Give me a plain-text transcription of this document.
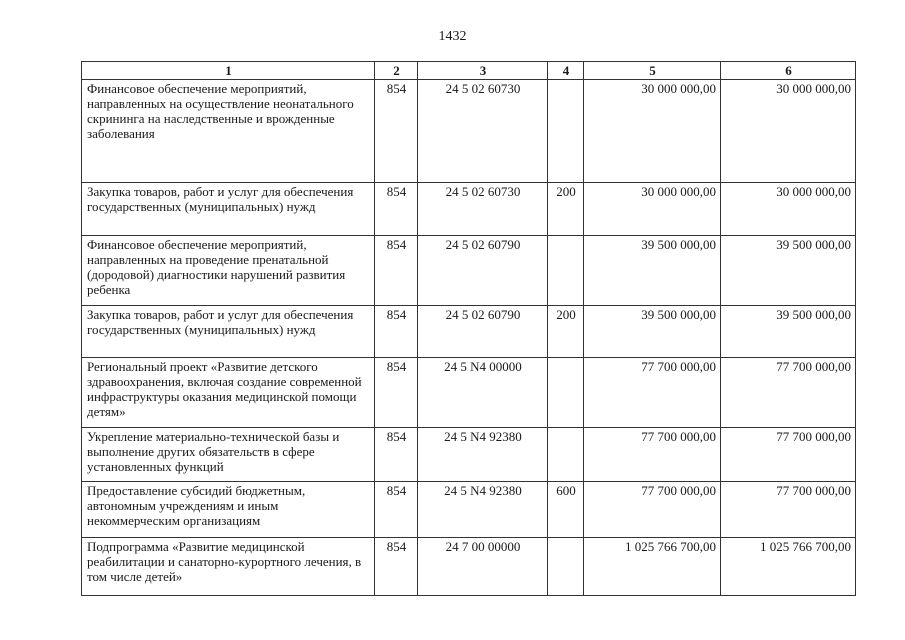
1432
1	2	3	4	5	6
Финансовое обеспечение мероприятий, направленных на осуществление неонатального скрининга на наследственные и врожденные заболевания	854	24 5 02 60730		30 000 000,00	30 000 000,00
Закупка товаров, работ и услуг для обеспечения государственных (муниципальных) нужд	854	24 5 02 60730	200	30 000 000,00	30 000 000,00
Финансовое обеспечение мероприятий, направленных на проведение пренатальной (дородовой) диагностики нарушений развития ребенка	854	24 5 02 60790		39 500 000,00	39 500 000,00
Закупка товаров, работ и услуг для обеспечения государственных (муниципальных) нужд	854	24 5 02 60790	200	39 500 000,00	39 500 000,00
Региональный проект «Развитие детского здравоохранения, включая создание современной инфраструктуры оказания медицинской помощи детям»	854	24 5 N4 00000		77 700 000,00	77 700 000,00
Укрепление материально-технической базы и выполнение других обязательств в сфере установленных функций	854	24 5 N4 92380		77 700 000,00	77 700 000,00
Предоставление субсидий бюджетным, автономным учреждениям и иным некоммерческим организациям	854	24 5 N4 92380	600	77 700 000,00	77 700 000,00
Подпрограмма «Развитие медицинской реабилитации и санаторно-курортного лечения, в том числе детей»	854	24 7 00 00000		1 025 766 700,00	1 025 766 700,00
